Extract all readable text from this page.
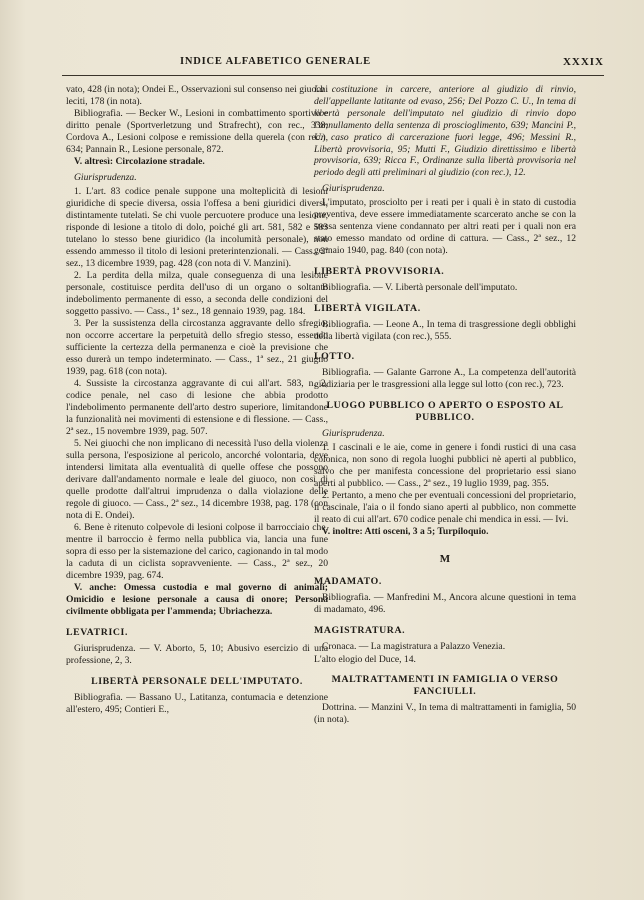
INDICE ALFABETICO GENERALE	XXXIX

vato, 428 (in nota); Ondei E., Osservazioni sul consenso nei giuochi leciti, 178 (in nota).

Bibliografia. — Becker W., Lesioni in combattimento sportivo e diritto penale (Sportverletzung und Strafrecht), con rec., 338; Cordova A., Lesioni colpose e remissione della querela (con rec.), 634; Pannain R., Lesione personale, 872.

V. altresì: Circolazione stradale.

Giurisprudenza.

1. L'art. 83 codice penale suppone una molteplicità di lesioni giuridiche di specie diversa, ossia l'offesa a beni giuridici diversi, distintamente tutelati. Se chi vuole percuotere produce una lesione, risponde di lesione a titolo di dolo, poiché gli art. 581, 582 e 583 tutelano lo stesso bene giuridico (la incolumità personale), non essendo ammesso il titolo di lesioni preterintenzionali. — Cass., 2ª sez., 13 dicembre 1939, pag. 428 (con nota di V. Manzini).

2. La perdita della milza, quale conseguenza di una lesione personale, costituisce perdita dell'uso di un organo o soltanto indebolimento permanente di esso, a seconda delle condizioni del soggetto passivo. — Cass., 1ª sez., 18 gennaio 1939, pag. 184.

3. Per la sussistenza della circostanza aggravante dello sfregio, non occorre accertare la perpetuità dello sfregio stesso, essendo sufficiente la certezza della permanenza e cioè la previsione che esso durerà un tempo indeterminato. — Cass., 1ª sez., 21 giugno 1939, pag. 618 (con nota).

4. Sussiste la circostanza aggravante di cui all'art. 583, n. 2, codice penale, nel caso di lesione che abbia prodotto l'indebolimento permanente dell'arto destro superiore, limitandone la funzionalità nei movimenti di estensione e di flessione. — Cass., 2ª sez., 15 novembre 1939, pag. 507.

5. Nei giuochi che non implicano di necessità l'uso della violenza sulla persona, l'esposizione al pericolo, ancorché volontaria, deve intendersi limitata alla eventualità di quelle offese che possono derivare dall'andamento normale e leale del giuoco, non così di quelle prodotte dall'altrui imprudenza o dalla violazione delle regole di giuoco. — Cass., 2ª sez., 14 dicembre 1938, pag. 178 (con nota di E. Ondei).

6. Bene è ritenuto colpevole di lesioni colpose il barrocciaio che, mentre il barroccio è fermo nella pubblica via, lancia una fune sopra di esso per la sistemazione del carico, cagionando in tal modo la caduta di un ciclista sopravveniente. — Cass., 2ª sez., 20 dicembre 1939, pag. 674.

V. anche: Omessa custodia e mal governo di animali; Omicidio e lesione personale a causa di onore; Persona civilmente obbligata per l'ammenda; Ubriachezza.

LEVATRICI.

Giurisprudenza. — V. Aborto, 5, 10; Abusivo esercizio di una professione, 2, 3.

LIBERTÀ PERSONALE DELL'IMPUTATO.

Bibliografia. — Bassano U., Latitanza, contumacia e detenzione all'estero, 495; Contieri E.,

La costituzione in carcere, anteriore al giudizio di rinvio, dell'appellante latitante od evaso, 256; Del Pozzo C. U., In tema di libertà personale dell'imputato nel giudizio di rinvio dopo l'annullamento della sentenza di proscioglimento, 639; Mancini P., Un caso pratico di carcerazione fuori legge, 496; Messini R., Libertà provvisoria, 95; Mutti F., Giudizio direttissimo e libertà provvisoria, 639; Ricca F., Ordinanze sulla libertà provvisoria nel periodo degli atti preliminari al giudizio (con rec.), 12.

Giurisprudenza.

L'imputato, prosciolto per i reati per i quali è in stato di custodia preventiva, deve essere immediatamente scarcerato anche se con la stessa sentenza viene condannato per altri reati per i quali non era stato emesso mandato od ordine di cattura. — Cass., 2ª sez., 12 gennaio 1940, pag. 840 (con nota).

LIBERTÀ PROVVISORIA.

Bibliografia. — V. Libertà personale dell'imputato.

LIBERTÀ VIGILATA.

Bibliografia. — Leone A., In tema di trasgressione degli obblighi della libertà vigilata (con rec.), 555.

LOTTO.

Bibliografia. — Galante Garrone A., La competenza dell'autorità giudiziaria per le trasgressioni alla legge sul lotto (con rec.), 723.

LUOGO PUBBLICO O APERTO O ESPOSTO AL PUBBLICO.

Giurisprudenza.

1. I cascinali e le aie, come in genere i fondi rustici di una casa colonica, non sono di regola luoghi pubblici nè aperti al pubblico, salvo che per manifesta concessione del proprietario essi siano aperti al pubblico. — Cass., 2ª sez., 19 luglio 1939, pag. 355.

2. Pertanto, a meno che per eventuali concessioni del proprietario, il cascinale, l'aia o il fondo siano aperti al pubblico, non commette il reato di cui all'art. 670 codice penale chi mendica in essi. — Ivi.

V. inoltre: Atti osceni, 3 a 5; Turpiloquio.

M
MADAMATO.

Bibliografia. — Manfredini M., Ancora alcune questioni in tema di madamato, 496.

MAGISTRATURA.

Cronaca. — La magistratura a Palazzo Venezia.

L'alto elogio del Duce, 14.

MALTRATTAMENTI IN FAMIGLIA O VERSO FANCIULLI.

Dottrina. — Manzini V., In tema di maltrattamenti in famiglia, 50 (in nota).
